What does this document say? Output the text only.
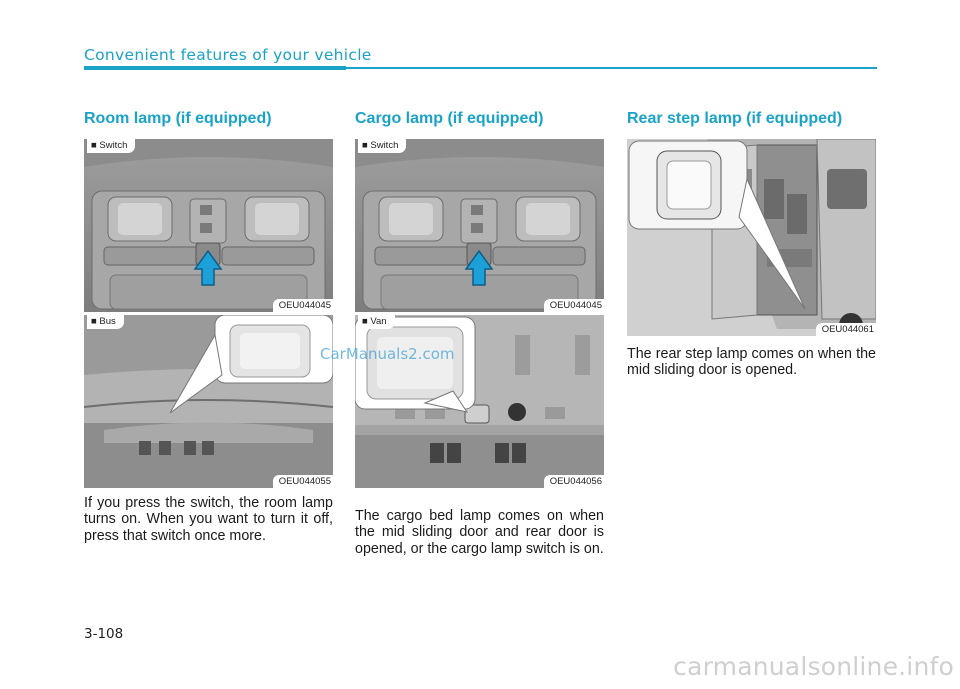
Convenient features of your vehicle
Room lamp (if equipped)
■ Switch
OEU044045
■ Bus
OEU044055

If you press the switch, the room lamp turns on. When you want to turn it off, press that switch once more.

Cargo lamp (if equipped)
■ Switch
OEU044045
■ Van
OEU044056

The cargo bed lamp comes on when the mid sliding door and rear door is opened, or the cargo lamp switch is on.

Rear step lamp (if equipped)
OEU044061

The rear step lamp comes on when the mid sliding door is opened.

CarManuals2.com
3-108
carmanualsonline.info
